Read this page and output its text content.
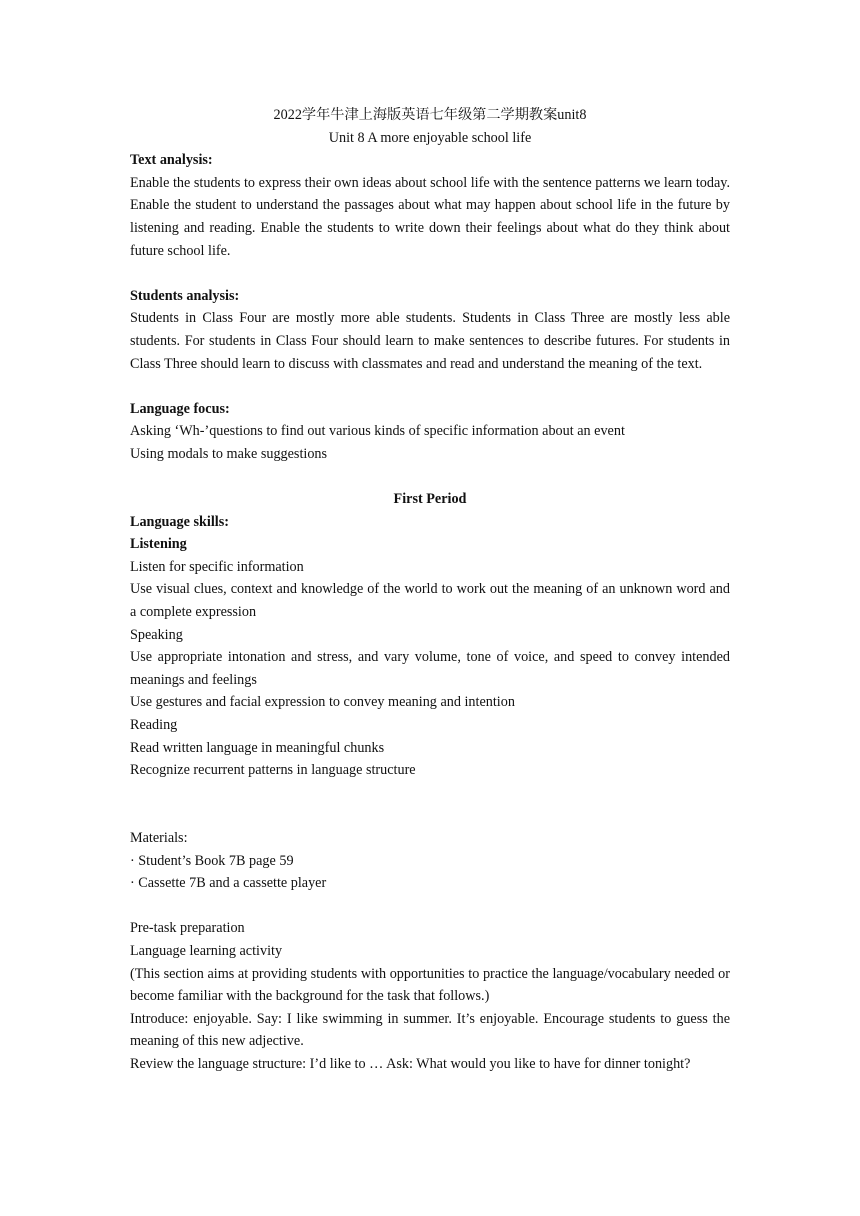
2022学年牛津上海版英语七年级第二学期教案unit8
Unit 8 A more enjoyable school life
Text analysis:
Enable the students to express their own ideas about school life with the sentence patterns we learn today. Enable the student to understand the passages about what may happen about school life in the future by listening and reading. Enable the students to write down their feelings about what do they think about future school life.
Students analysis:
Students in Class Four are mostly more able students. Students in Class Three are mostly less able students. For students in Class Four should learn to make sentences to describe futures. For students in Class Three should learn to discuss with classmates and read and understand the meaning of the text.
Language focus:
Asking ‘Wh-’questions to find out various kinds of specific information about an event
Using modals to make suggestions
First Period
Language skills:
Listening
Listen for specific information
Use visual clues, context and knowledge of the world to work out the meaning of an unknown word and a complete expression
Speaking
Use appropriate intonation and stress, and vary volume, tone of voice, and speed to convey intended meanings and feelings
Use gestures and facial expression to convey meaning and intention
Reading
Read written language in meaningful chunks
Recognize recurrent patterns in language structure
Materials:
· Student’s Book 7B page 59
· Cassette 7B and a cassette player
Pre-task preparation
Language learning activity
(This section aims at providing students with opportunities to practice the language/vocabulary needed or become familiar with the background for the task that follows.)
Introduce: enjoyable. Say: I like swimming in summer. It’s enjoyable. Encourage students to guess the meaning of this new adjective.
Review the language structure: I’d like to … Ask: What would you like to have for dinner tonight?
